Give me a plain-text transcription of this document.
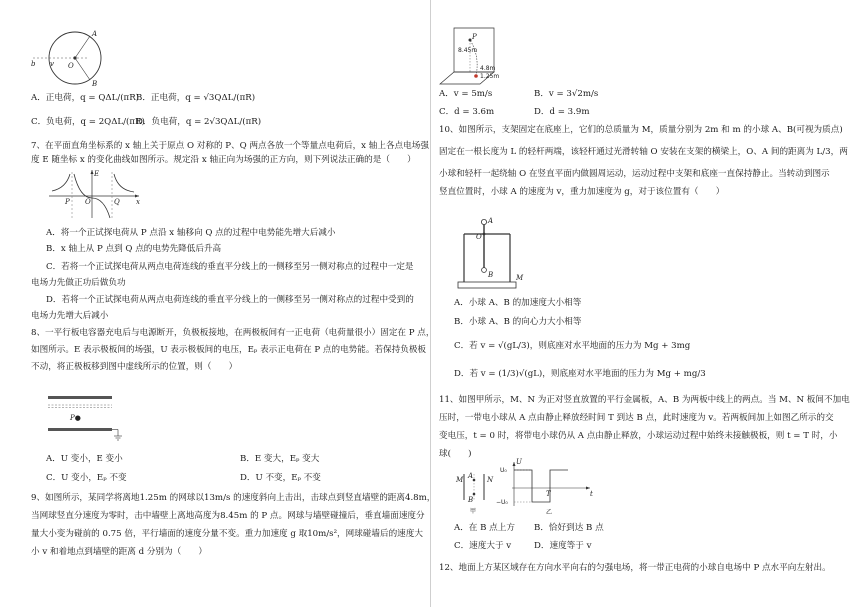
A
b v O
B
A．正电荷，q = QΔL/(πR)
B．正电荷，q = √3QΔL/(πR)
C．负电荷，q = 2QΔL/(πR)
D．负电荷，q = 2√3QΔL/(πR)
7、在平面直角坐标系的 x 轴上关于原点 O 对称的 P、Q 两点各放一个等量点电荷后，x 轴上各点电场强
度 E 随坐标 x 的变化曲线如图所示。规定沿 x 轴正向为场强的正方向，则下列说法正确的是（　　）
E
P O	Q x
A．将一个正试探电荷从 P 点沿 x 轴移向 Q 点的过程中电势能先增大后减小
B．x 轴上从 P 点到 Q 点的电势先降低后升高
C．若将一个正试探电荷从两点电荷连线的垂直平分线上的一侧移至另一侧对称点的过程中一定是
电场力先做正功后做负功
D．若将一个正试探电荷从两点电荷连线的垂直平分线上的一侧移至另一侧对称点的过程中受到的
电场力先增大后减小
8、一平行板电容器充电后与电源断开，负极板接地，在两极板间有一正电荷（电荷量很小）固定在 P 点，
如图所示。E 表示极板间的场强，U 表示极板间的电压，Eₚ 表示正电荷在 P 点的电势能。若保持负极板
不动，将正极板移到图中虚线所示的位置，则（　　）
P●
A．U 变小，E 变小	B．E 变大，Eₚ 变大
C．U 变小，Eₚ 不变	D．U 不变，Eₚ 不变
9、如图所示，某同学将离地1.25m 的网球以13m/s 的速度斜向上击出，击球点到竖直墙壁的距离4.8m，
当网球竖直分速度为零时，击中墙壁上离地高度为8.45m 的 P 点。网球与墙壁碰撞后，垂直墙面速度分
量大小变为碰前的 0.75 倍，平行墙面的速度分量不变。重力加速度 g 取10m/s²，网球碰墙后的速度大
小 v 和着地点到墙壁的距离 d 分别为（　　）
8.45m
P
4.8m
1.25m
A．v = 5m/s	B．v = 3√2m/s
C．d = 3.6m	D．d = 3.9m
10、如图所示，支架固定在底座上，它们的总质量为 M，质量分别为 2m 和 m 的小球 A、B(可视为质点)
固定在一根长度为 L 的轻杆两端，该轻杆通过光滑转轴 O 安装在支架的横梁上，O、A 间的距离为 L/3，两
小球和轻杆一起绕轴 O 在竖直平面内做圆周运动，运动过程中支架和底座一直保持静止。当转动到图示
竖直位置时，小球 A 的速度为 v，重力加速度为 g，对于该位置有（　　）
A
O
B	M
A．小球 A、B 的加速度大小相等
B．小球 A、B 的向心力大小相等
C．若 v = √(gL/3)，则底座对水平地面的压力为 Mg + 3mg
D．若 v = (1/3)√(gL)，则底座对水平地面的压力为 Mg + mg/3
11、如图甲所示，M、N 为正对竖直放置的平行金属板，A、B 为两板中线上的两点。当 M、N 板间不加电
压时，一带电小球从 A 点由静止释放经时间 T 到达 B 点，此时速度为 v。若两板间加上如图乙所示的交
变电压，t = 0 时，将带电小球仍从 A 点由静止释放，小球运动过程中始终未接触极板，则 t = T 时，小
球(　　)
M A N
B
甲
U
U₀
−U₀
T	t
乙
A．在 B 点上方 B．恰好到达 B 点
C．速度大于 v	D．速度等于 v
12、地面上方某区域存在方向水平向右的匀强电场，将一带正电荷的小球自电场中 P 点水平向左射出。
